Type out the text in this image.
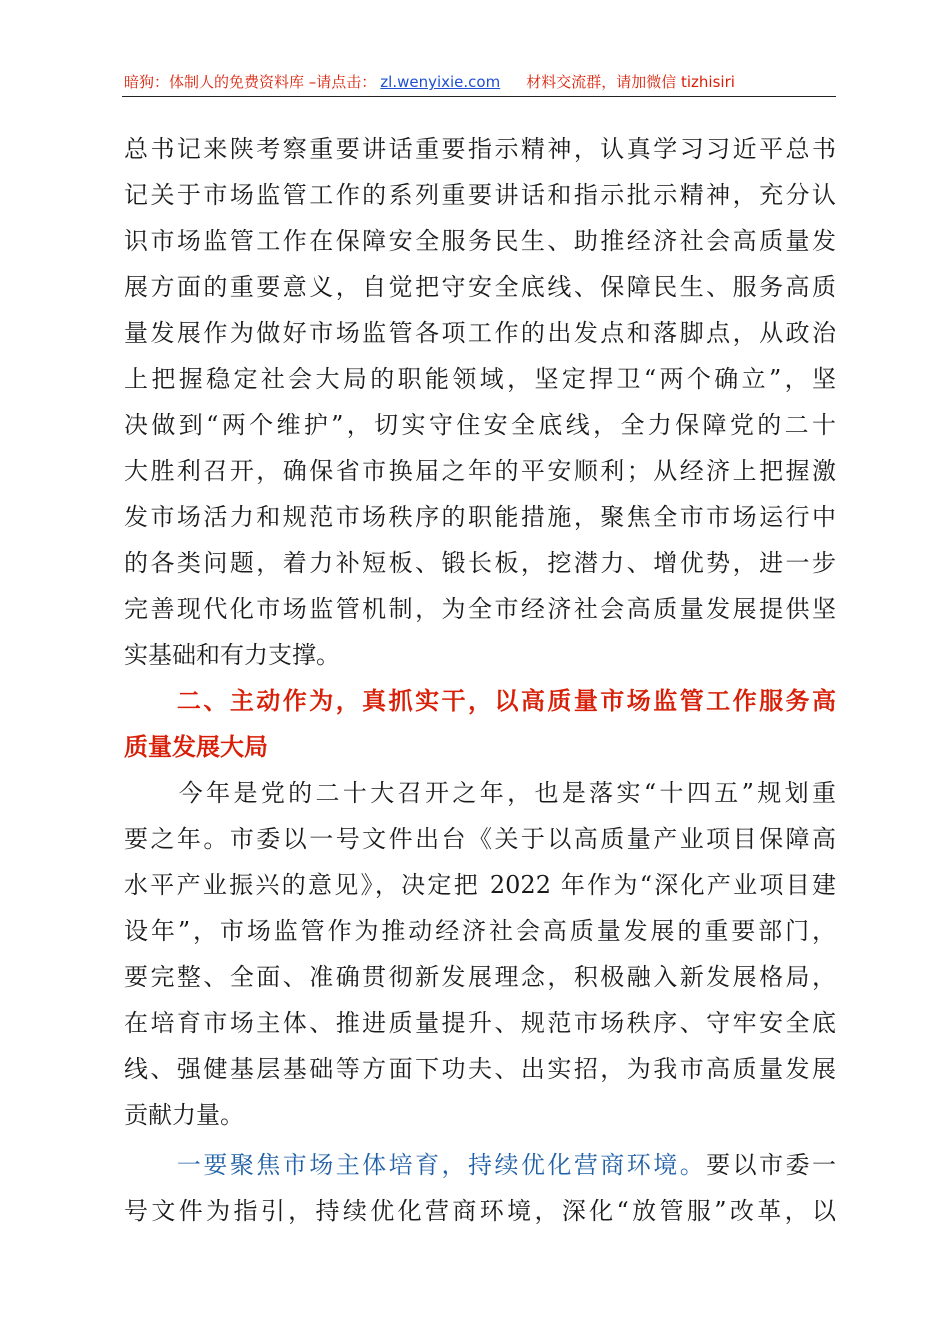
暗狗：体制人的免费资料库 –请点击： zl.wenyixie.com 材料交流群，请加微信 tizhisiri
总书记来陕考察重要讲话重要指示精神，认真学习习近平总书
记关于市场监管工作的系列重要讲话和指示批示精神，充分认
识市场监管工作在保障安全服务民生、助推经济社会高质量发
展方面的重要意义，自觉把守安全底线、保障民生、服务高质
量发展作为做好市场监管各项工作的出发点和落脚点，从政治
上把握稳定社会大局的职能领域，坚定捍卫“两个确立”，坚
决做到“两个维护”，切实守住安全底线，全力保障党的二十
大胜利召开，确保省市换届之年的平安顺利；从经济上把握激
发市场活力和规范市场秩序的职能措施，聚焦全市市场运行中
的各类问题，着力补短板、锻长板，挖潜力、增优势，进一步
完善现代化市场监管机制，为全市经济社会高质量发展提供坚
实基础和有力支撑。
　　二、主动作为，真抓实干，以高质量市场监管工作服务高
质量发展大局
　　今年是党的二十大召开之年，也是落实“十四五”规划重
要之年。市委以一号文件出台《关于以高质量产业项目保障高
水平产业振兴的意见》，决定把 2022 年作为“深化产业项目建
设年”，市场监管作为推动经济社会高质量发展的重要部门，
要完整、全面、准确贯彻新发展理念，积极融入新发展格局，
在培育市场主体、推进质量提升、规范市场秩序、守牢安全底
线、强健基层基础等方面下功夫、出实招，为我市高质量发展
贡献力量。
　　一要聚焦市场主体培育，持续优化营商环境。要以市委一
号文件为指引，持续优化营商环境，深化“放管服”改革，以
